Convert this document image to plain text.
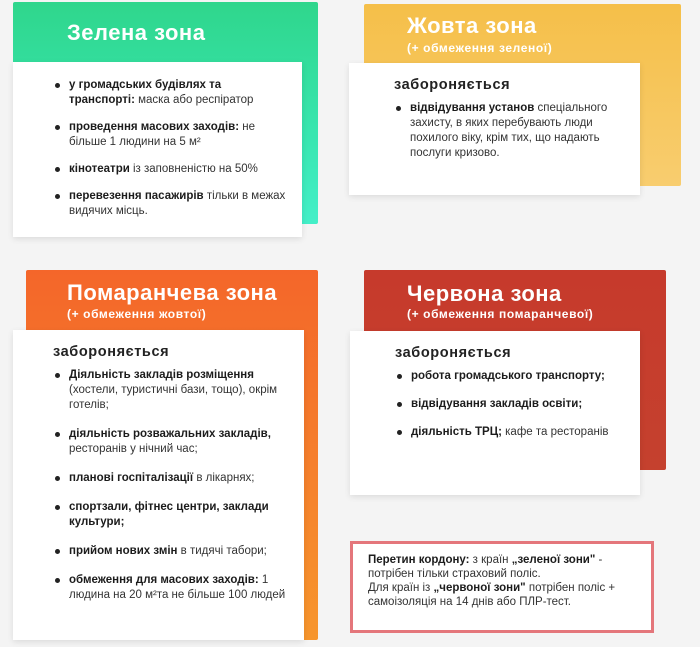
Зелена зона
у громадських будівлях та транспорті: маска або респіратор
проведення масових заходів: не більше 1 людини на 5 м²
кінотеатри із заповненістю на 50%
перевезення пасажирів тільки в межах видячих місць.
Жовта зона
(+ обмеження зеленої)
забороняється
відвідування установ спеціального захисту, в яких перебувають люди похилого віку, крім тих, що надають послуги кризово.
Помаранчева зона
(+ обмеження жовтої)
забороняється
Діяльність закладів розміщення (хостели, туристичні бази, тощо), окрім готелів;
діяльність розважальних закладів, ресторанів у нічний час;
планові госпіталізації в лікарнях;
спортзали, фітнес центри, заклади культури;
прийом нових змін в тидячі табори;
обмеження для масових заходів: 1 людина на 20 м²та не більше 100 людей
Червона зона
(+ обмеження помаранчевої)
забороняється
робота громадського транспорту;
відвідування закладів освіти;
діяльність ТРЦ; кафе та ресторанів

Перетин кордону: з країн „зеленої зони" - потрібен тільки страховий поліс.

Для країн із „червоної зони" потрібен поліс + самоізоляція на 14 днів або ПЛР-тест.
